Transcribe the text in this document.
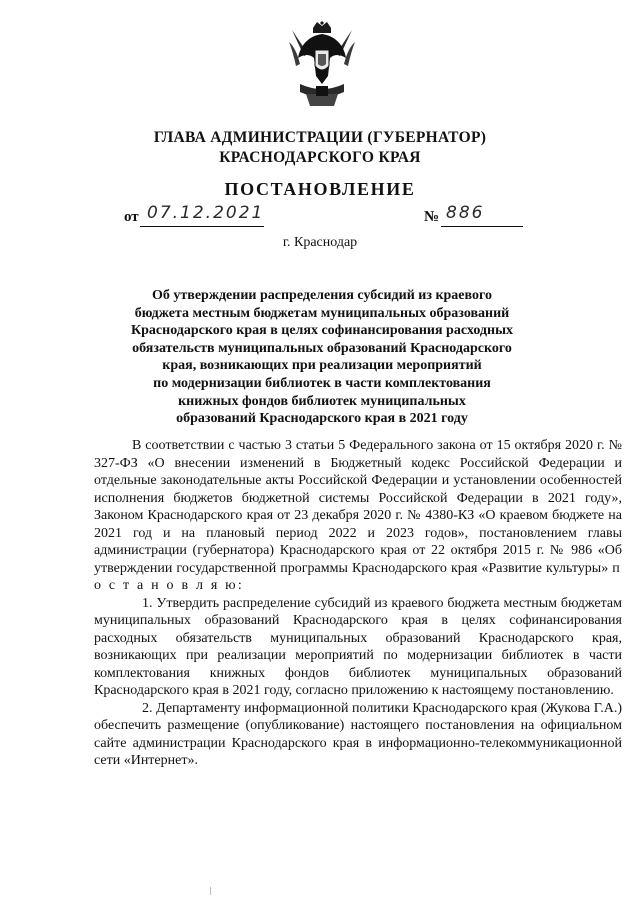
ГЛАВА АДМИНИСТРАЦИИ (ГУБЕРНАТОР)
КРАСНОДАРСКОГО КРАЯ
ПОСТАНОВЛЕНИЕ
от 07.12.2021	№ 886
г. Краснодар
Об утверждении распределения субсидий из краевого
бюджета местным бюджетам муниципальных образований
Краснодарского края в целях софинансирования расходных
обязательств муниципальных образований Краснодарского
края, возникающих при реализации мероприятий
по модернизации библиотек в части комплектования
книжных фондов библиотек муниципальных
образований Краснодарского края в 2021 году

В соответствии с частью 3 статьи 5 Федерального закона от 15 октября 2020 г. № 327-ФЗ «О внесении изменений в Бюджетный кодекс Российской Федерации и отдельные законодательные акты Российской Федерации и установлении особенностей исполнения бюджетов бюджетной системы Российской Федерации в 2021 году», Законом Краснодарского края от 23 декабря 2020 г. № 4380-КЗ «О краевом бюджете на 2021 год и на плановый период 2022 и 2023 годов», постановлением главы администрации (губернатора) Краснодарского края от 22 октября 2015 г. № 986 «Об утверждении государственной программы Краснодарского края «Развитие культуры» п о с т а н о в л я ю:

1. Утвердить распределение субсидий из краевого бюджета местным бюджетам муниципальных образований Краснодарского края в целях софинансирования расходных обязательств муниципальных образований Краснодарского края, возникающих при реализации мероприятий по модернизации библиотек в части комплектования книжных фондов библиотек муниципальных образований Краснодарского края в 2021 году, согласно приложению к настоящему постановлению.

2. Департаменту информационной политики Краснодарского края (Жукова Г.А.) обеспечить размещение (опубликование) настоящего постановления на официальном сайте администрации Краснодарского края в информационно-телекоммуникационной сети «Интернет».
